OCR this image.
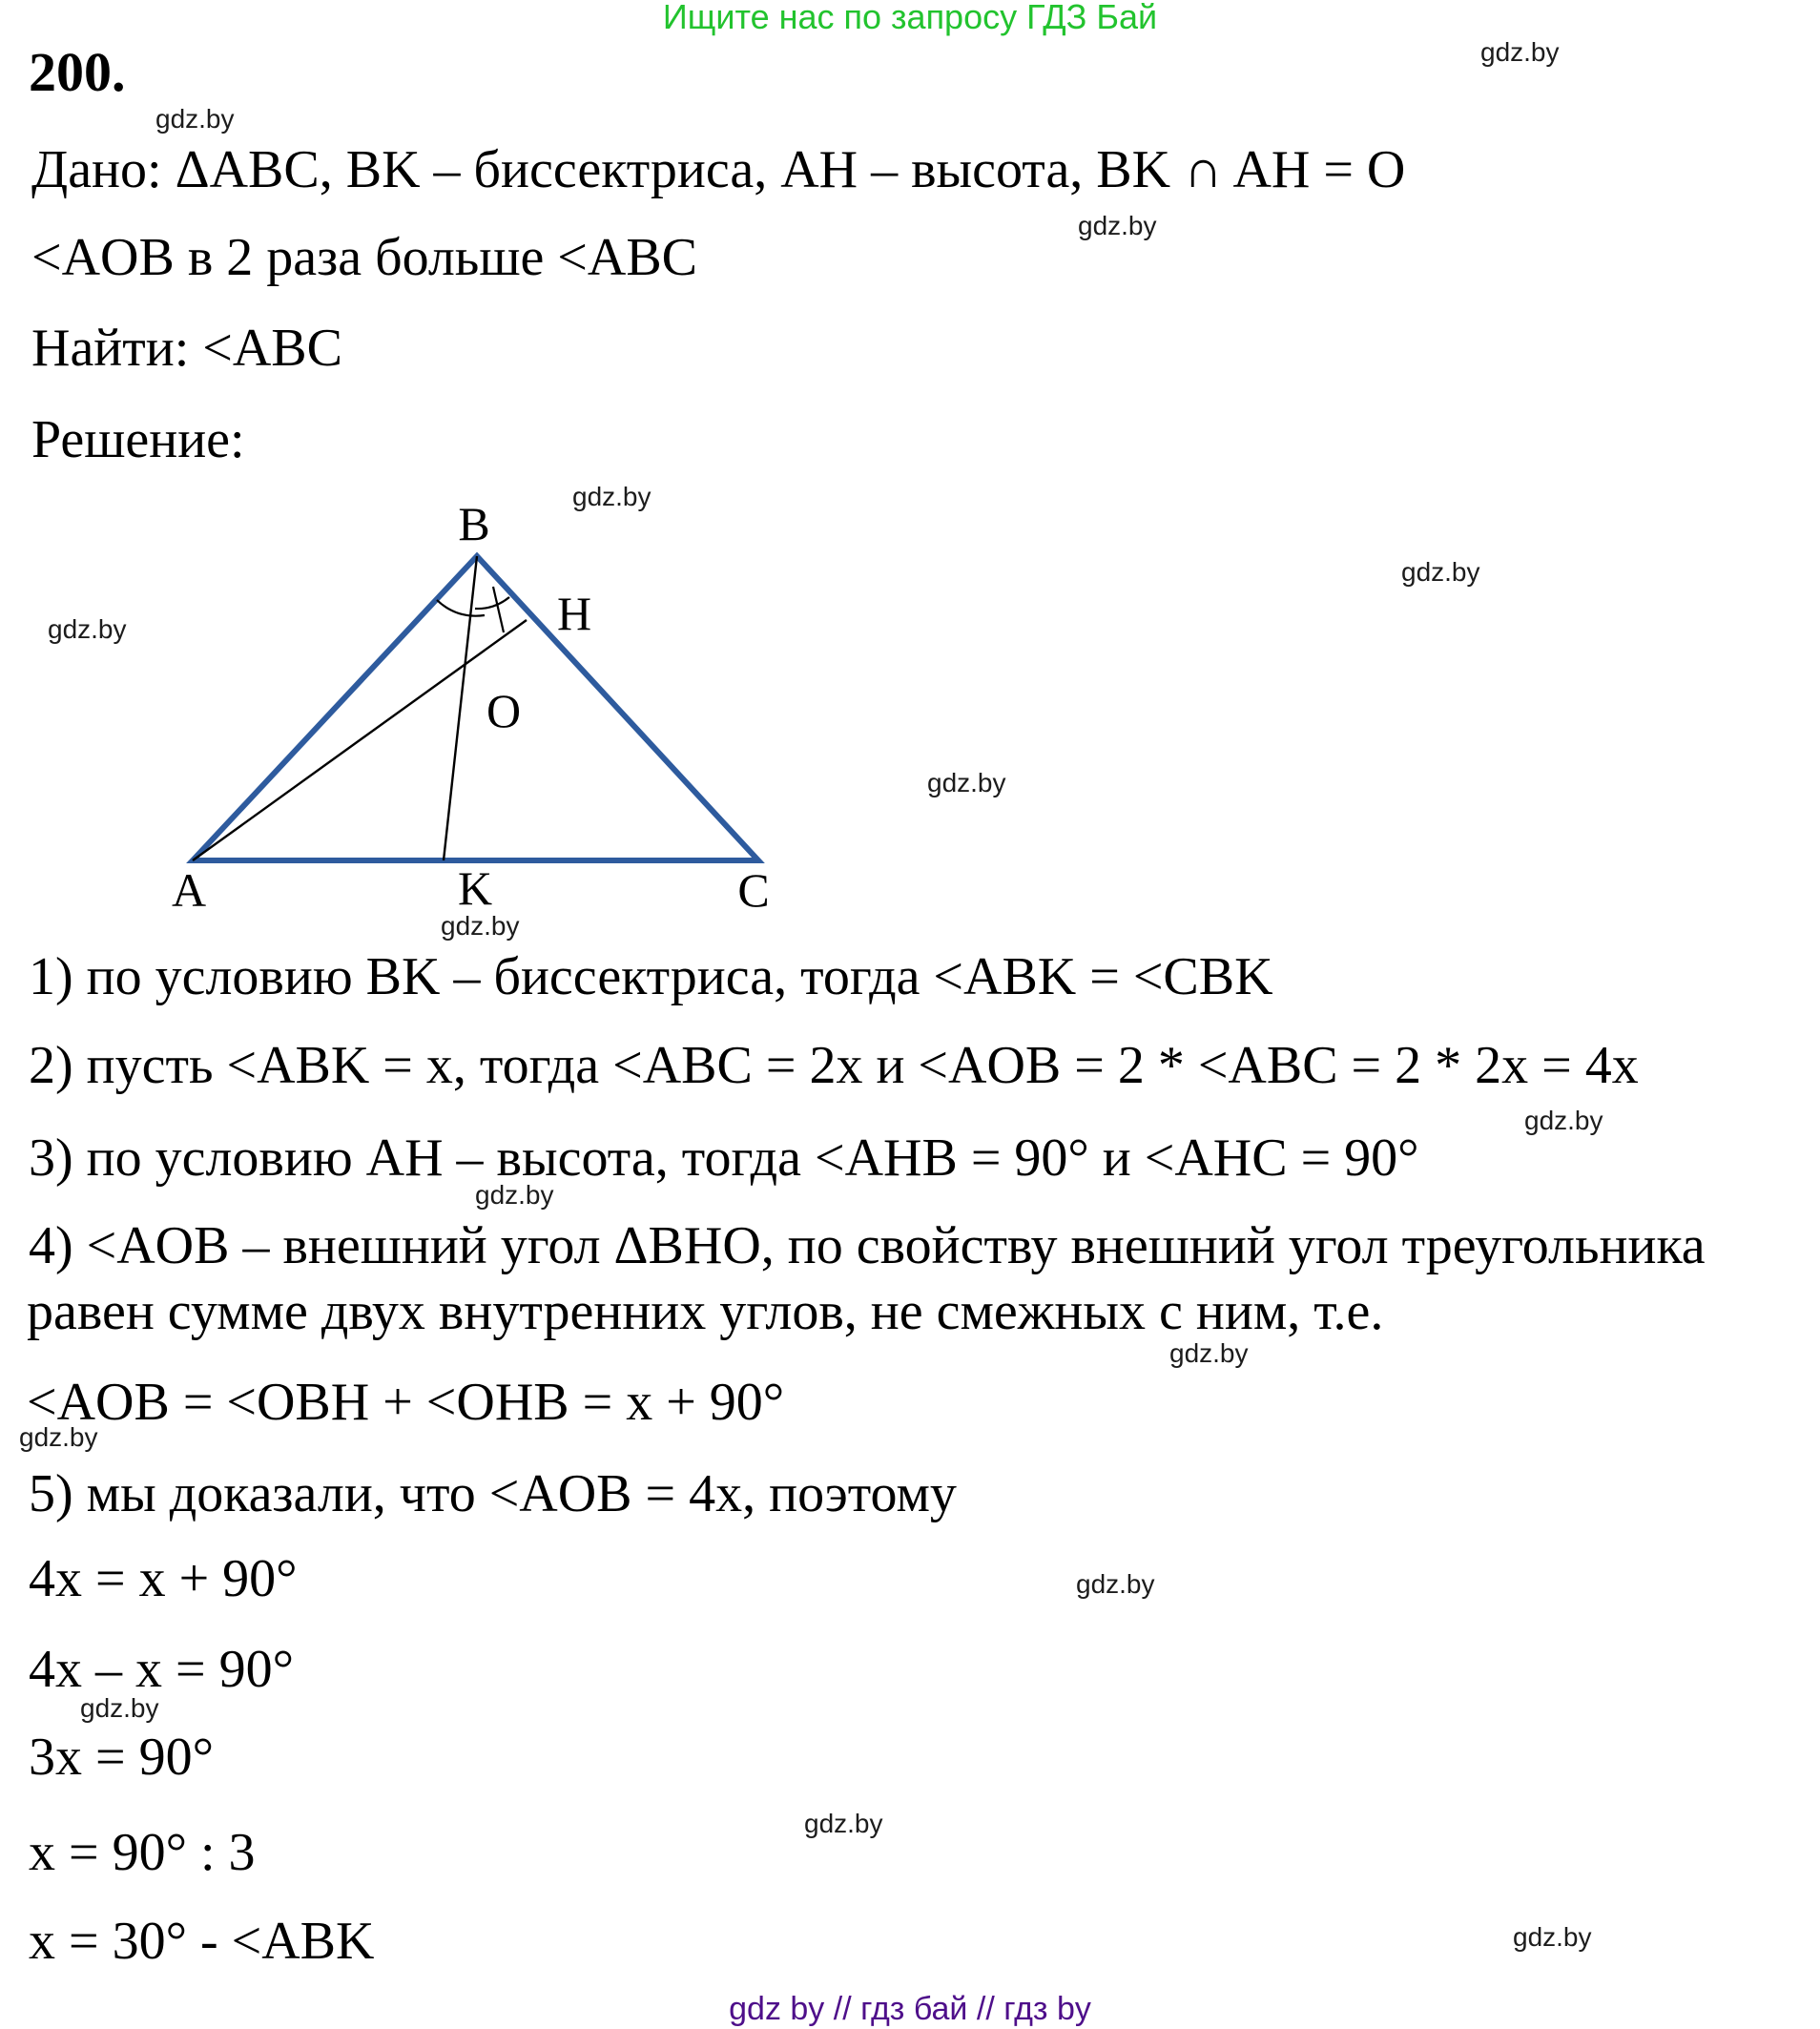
Ищите нас по запросу ГДЗ Бай
200.
Дано: ΔABC, BK – биссектриса, AH – высота, BK ∩ AH = O
<AOB в 2 раза больше <ABC
Найти: <ABC
Решение:
A
B
C
H
K
O
1) по условию BK – биссектриса, тогда <ABK = <CBK
2) пусть <ABK = x, тогда <ABC = 2x и <AOB = 2 * <ABC = 2 * 2x = 4x
3) по условию AH – высота, тогда <AHB = 90° и <AHC = 90°
4) <AOB – внешний угол ΔBHO, по свойству внешний угол треугольника
равен сумме двух внутренних углов, не смежных с ним, т.е.
<AOB = <OBH + <OHB = x + 90°
5) мы доказали, что <AOB = 4x, поэтому
4x = x + 90°
4x – x = 90°
3x = 90°
x = 90° : 3
x = 30° - <ABK
gdz.by
gdz.by
gdz.by
gdz.by
gdz.by
gdz.by
gdz.by
gdz.by
gdz.by
gdz.by
gdz.by
gdz.by
gdz.by
gdz.by
gdz.by
gdz.by
gdz by // гдз бай // гдз by
